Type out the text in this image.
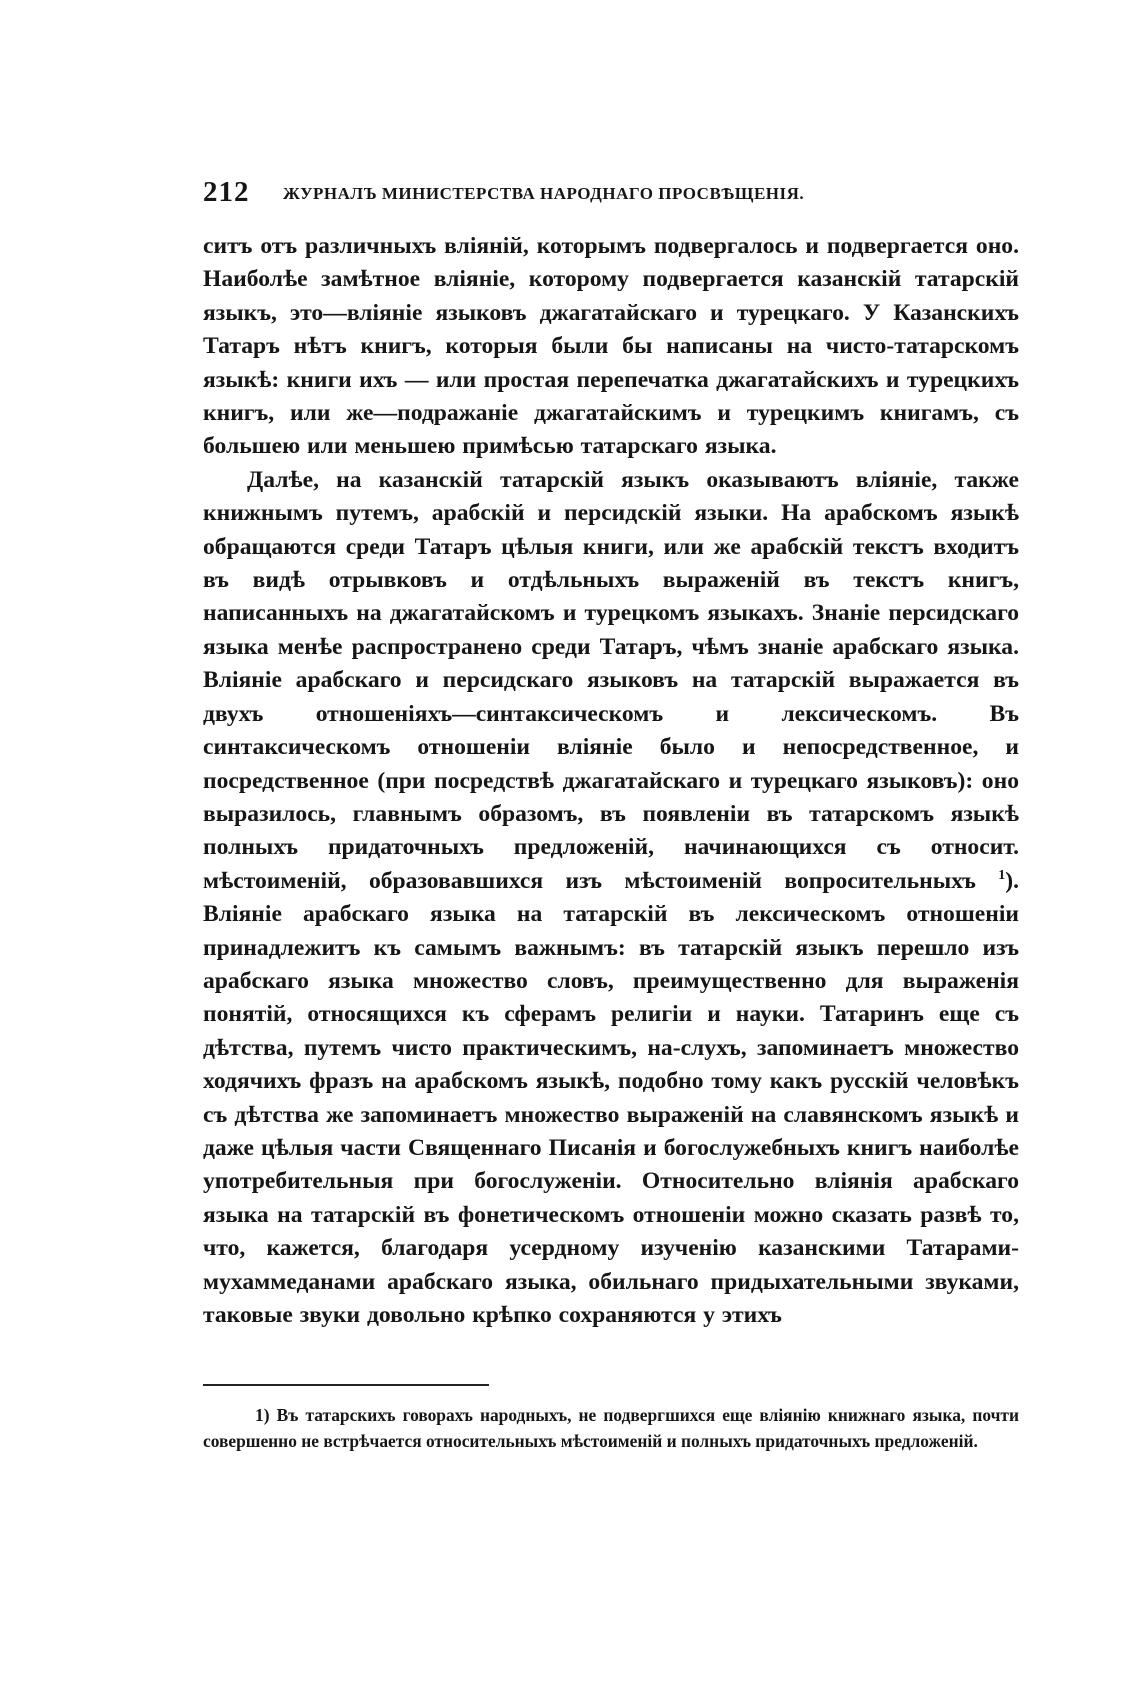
212 ЖУРНАЛЪ МИНИСТЕРСТВА НАРОДНАГО ПРОСВѢЩЕНІЯ.

ситъ отъ различныхъ вліяній, которымъ подвергалось и подвергается оно. Наиболѣе замѣтное вліяніе, которому подвергается казанскій татарскій языкъ, это—вліяніе языковъ джагатайскаго и турецкаго. У Казанскихъ Татаръ нѣтъ книгъ, которыя были бы написаны на чисто-татарскомъ языкѣ: книги ихъ — или простая перепечатка джагатайскихъ и турецкихъ книгъ, или же—подражаніе джагатайскимъ и турецкимъ книгамъ, съ большею или меньшею примѣсью татарскаго языка.

Далѣе, на казанскій татарскій языкъ оказываютъ вліяніе, также книжнымъ путемъ, арабскій и персидскій языки. На арабскомъ языкѣ обращаются среди Татаръ цѣлыя книги, или же арабскій текстъ входитъ въ видѣ отрывковъ и отдѣльныхъ выраженій въ текстъ книгъ, написанныхъ на джагатайскомъ и турецкомъ языкахъ. Знаніе персидскаго языка менѣе распространено среди Татаръ, чѣмъ знаніе арабскаго языка. Вліяніе арабскаго и персидскаго языковъ на татарскій выражается въ двухъ отношеніяхъ—синтаксическомъ и лексическомъ. Въ синтаксическомъ отношеніи вліяніе было и непосредственное, и посредственное (при посредствѣ джагатайскаго и турецкаго языковъ): оно выразилось, главнымъ образомъ, въ появленіи въ татарскомъ языкѣ полныхъ придаточныхъ предложеній, начинающихся съ относит. мѣстоименій, образовавшихся изъ мѣстоименій вопросительныхъ $^1$). Вліяніе арабскаго языка на татарскій въ лексическомъ отношеніи принадлежитъ къ самымъ важнымъ: въ татарскій языкъ перешло изъ арабскаго языка множество словъ, преимущественно для выраженія понятій, относящихся къ сферамъ религіи и науки. Татаринъ еще съ дѣтства, путемъ чисто практическимъ, на-слухъ, запоминаетъ множество ходячихъ фразъ на арабскомъ языкѣ, подобно тому какъ русскій человѣкъ съ дѣтства же запоминаетъ множество выраженій на славянскомъ языкѣ и даже цѣлыя части Священнаго Писанія и богослужебныхъ книгъ наиболѣе употребительныя при богослуженіи. Относительно вліянія арабскаго языка на татарскій въ фонетическомъ отношеніи можно сказать развѣ то, что, кажется, благодаря усердному изученію казанскими Татарами-мухаммеданами арабскаго языка, обильнаго придыхательными звуками, таковые звуки довольно крѣпко сохраняются у этихъ

1) Въ татарскихъ говорахъ народныхъ, не подвергшихся еще вліянію книжнаго языка, почти совершенно не встрѣчается относительныхъ мѣстоименій и полныхъ придаточныхъ предложеній.
